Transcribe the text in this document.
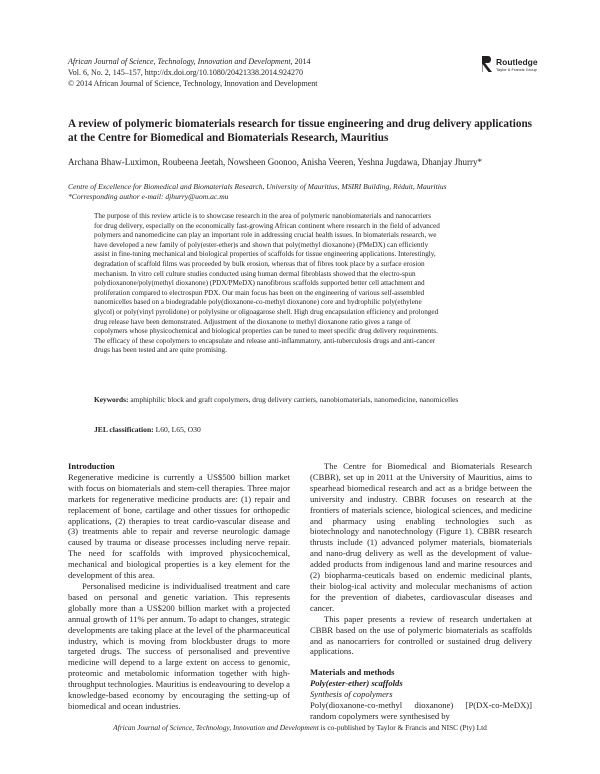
African Journal of Science, Technology, Innovation and Development, 2014
Vol. 6, No. 2, 145–157, http://dx.doi.org/10.1080/20421338.2014.924270
© 2014 African Journal of Science, Technology, Innovation and Development
Routledge
Taylor & Francis Group
A review of polymeric biomaterials research for tissue engineering and drug delivery applications at the Centre for Biomedical and Biomaterials Research, Mauritius
Archana Bhaw-Luximon, Roubeena Jeetah, Nowsheen Goonoo, Anisha Veeren, Yeshna Jugdawa, Dhanjay Jhurry*
Centre of Excellence for Biomedical and Biomaterials Research, University of Mauritius, MSIRI Building, Réduit, Mauritius
*Corresponding author e-mail: djhurry@uom.ac.mu
The purpose of this review article is to showcase research in the area of polymeric nanobiomaterials and nanocarriers
for drug delivery, especially on the economically fast-growing African continent where research in the field of advanced
polymers and nanomedicine can play an important role in addressing crucial health issues. In biomaterials research, we
have developed a new family of poly(ester-ether)s and shown that poly(methyl dioxanone) (PMeDX) can efficiently
assist in fine-tuning mechanical and biological properties of scaffolds for tissue engineering applications. Interestingly,
degradation of scaffold films was proceeded by bulk erosion, whereas that of fibres took place by a surface erosion
mechanism. In vitro cell culture studies conducted using human dermal fibroblasts showed that the electro-spun
polydioxanone/poly(methyl dioxanone) (PDX/PMeDX) nanofibrous scaffolds supported better cell attachment and
proliferation compared to electrospun PDX. Our main focus has been on the engineering of various self-assembled
nanomicelles based on a biodegradable poly(dioxanone-co-methyl dioxanone) core and hydrophilic poly(ethylene
glycol) or poly(vinyl pyrolidone) or polylysine or oligoagarose shell. High drug encapsulation efficiency and prolonged
drug release have been demonstrated. Adjustment of the dioxanone to methyl dioxanone ratio gives a range of
copolymers whose physicochemical and biological properties can be tuned to meet specific drug delivery requirements.
The efficacy of these copolymers to encapsulate and release anti-inflammatory, anti-tuberculosis drugs and anti-cancer
drugs has been tested and are quite promising.
Keywords: amphiphilic block and graft copolymers, drug delivery carriers, nanobiomaterials, nanomedicine, nanomicelles
JEL classification: L60, L65, O30
Introduction

Regenerative medicine is currently a US$500 billion market with focus on biomaterials and stem-cell therapies. Three major markets for regenerative medicine products are: (1) repair and replacement of bone, cartilage and other tissues for orthopedic applications, (2) therapies to treat cardio-vascular disease and (3) treatments able to repair and reverse neurologic damage caused by trauma or disease processes including nerve repair. The need for scaffolds with improved physicochemical, mechanical and biological properties is a key element for the development of this area.

Personalised medicine is individualised treatment and care based on personal and genetic variation. This represents globally more than a US$200 billion market with a projected annual growth of 11% per annum. To adapt to changes, strategic developments are taking place at the level of the pharmaceutical industry, which is moving from blockbuster drugs to more targeted drugs. The success of personalised and preventive medicine will depend to a large extent on access to genomic, proteomic and metabolomic information together with high-throughput technologies. Mauritius is endeavouring to develop a knowledge-based economy by encouraging the setting-up of biomedical and ocean industries.

The Centre for Biomedical and Biomaterials Research (CBBR), set up in 2011 at the University of Mauritius, aims to spearhead biomedical research and act as a bridge between the university and industry. CBBR focuses on research at the frontiers of materials science, biological sciences, and medicine and pharmacy using enabling technologies such as biotechnology and nanotechnology (Figure 1). CBBR research thrusts include (1) advanced polymer materials, biomaterials and nano-drug delivery as well as the development of value-added products from indigenous land and marine resources and (2) biopharma-ceuticals based on endemic medicinal plants, their biolog-ical activity and molecular mechanisms of action for the prevention of diabetes, cardiovascular diseases and cancer.

This paper presents a review of research undertaken at CBBR based on the use of polymeric biomaterials as scaffolds and as nanocarriers for controlled or sustained drug delivery applications.

Materials and methods
Poly(ester-ether) scaffolds
Synthesis of copolymers

Poly(dioxanone-co-methyl dioxanone) [P(DX-co-MeDX)] random copolymers were synthesised by

African Journal of Science, Technology, Innovation and Development is co-published by Taylor & Francis and NISC (Pty) Ltd
